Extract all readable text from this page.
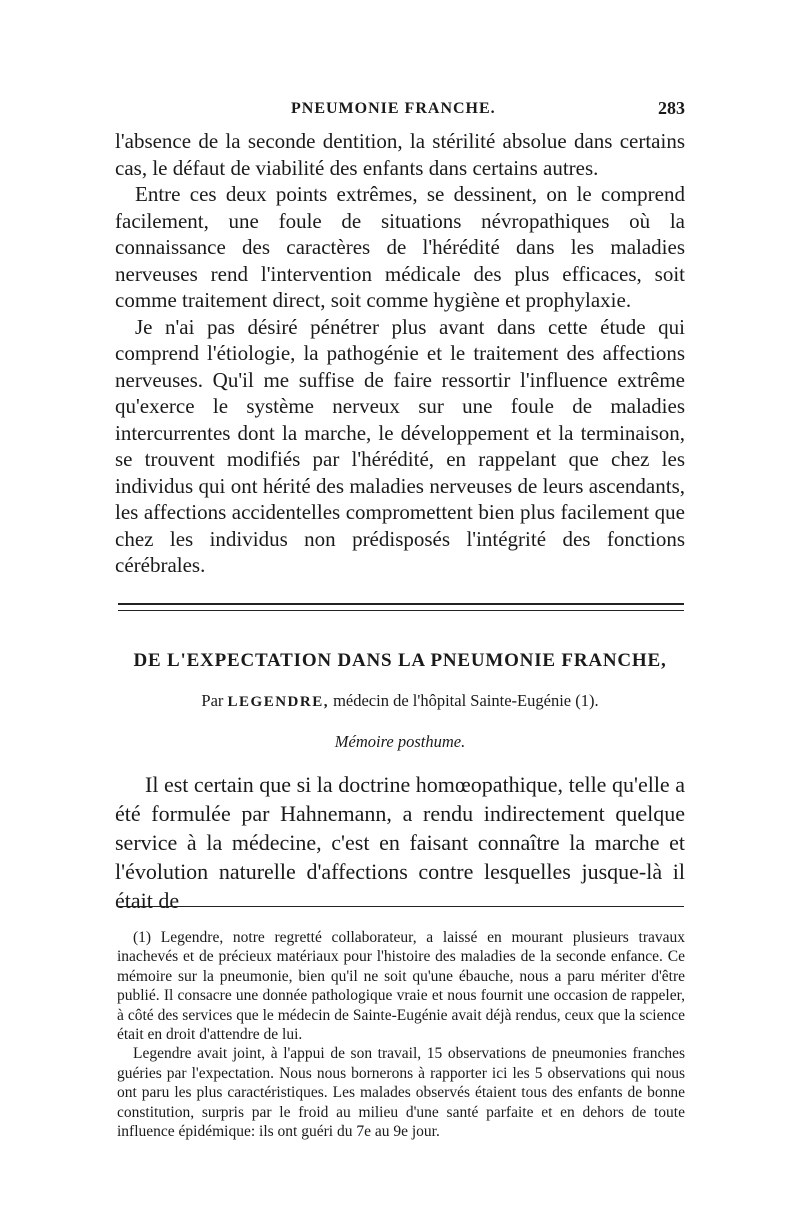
PNEUMONIE FRANCHE.	283

l'absence de la seconde dentition, la stérilité absolue dans certains cas, le défaut de viabilité des enfants dans certains autres.

Entre ces deux points extrêmes, se dessinent, on le comprend facilement, une foule de situations névropathiques où la connaissance des caractères de l'hérédité dans les maladies nerveuses rend l'intervention médicale des plus efficaces, soit comme traitement direct, soit comme hygiène et prophylaxie.

Je n'ai pas désiré pénétrer plus avant dans cette étude qui comprend l'étiologie, la pathogénie et le traitement des affections nerveuses. Qu'il me suffise de faire ressortir l'influence extrême qu'exerce le système nerveux sur une foule de maladies intercurrentes dont la marche, le développement et la terminaison, se trouvent modifiés par l'hérédité, en rappelant que chez les individus qui ont hérité des maladies nerveuses de leurs ascendants, les affections accidentelles compromettent bien plus facilement que chez les individus non prédisposés l'intégrité des fonctions cérébrales.

DE L'EXPECTATION DANS LA PNEUMONIE FRANCHE,
Par LEGENDRE, médecin de l'hôpital Sainte-Eugénie (1).
Mémoire posthume.

Il est certain que si la doctrine homœopathique, telle qu'elle a été formulée par Hahnemann, a rendu indirectement quelque service à la médecine, c'est en faisant connaître la marche et l'évolution naturelle d'affections contre lesquelles jusque-là il était de

(1) Legendre, notre regretté collaborateur, a laissé en mourant plusieurs travaux inachevés et de précieux matériaux pour l'histoire des maladies de la seconde enfance. Ce mémoire sur la pneumonie, bien qu'il ne soit qu'une ébauche, nous a paru mériter d'être publié. Il consacre une donnée pathologique vraie et nous fournit une occasion de rappeler, à côté des services que le médecin de Sainte-Eugénie avait déjà rendus, ceux que la science était en droit d'attendre de lui.

Legendre avait joint, à l'appui de son travail, 15 observations de pneumonies franches guéries par l'expectation. Nous nous bornerons à rapporter ici les 5 observations qui nous ont paru les plus caractéristiques. Les malades observés étaient tous des enfants de bonne constitution, surpris par le froid au milieu d'une santé parfaite et en dehors de toute influence épidémique: ils ont guéri du 7e au 9e jour.
